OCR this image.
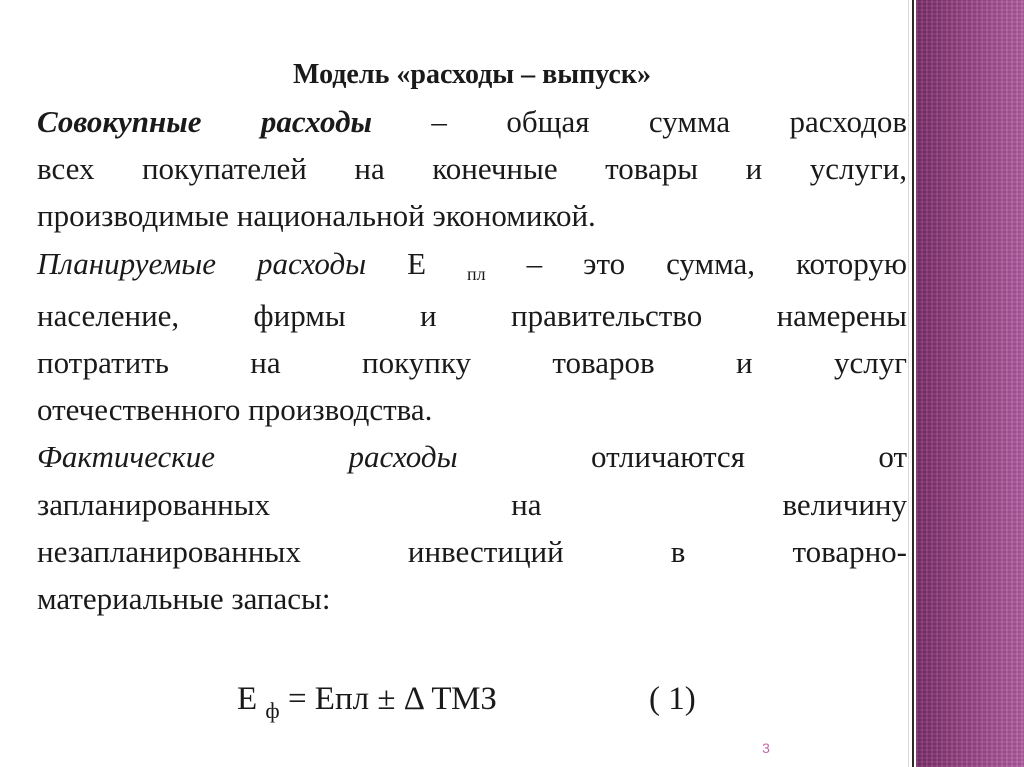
Модель «расходы – выпуск»

Совокупные расходы – общая сумма расходов
всех покупателей на конечные товары и услуги,
производимые национальной экономикой.

Планируемые расходы Е пл – это сумма, которую
население, фирмы и правительство намерены
потратить на покупку товаров и услуг
отечественного производства.

Фактические расходы отличаются от
запланированных на величину
незапланированных инвестиций в товарно-
материальные запасы:

Е $_ф$ = Епл ± Δ ТМЗ	( 1)
3
